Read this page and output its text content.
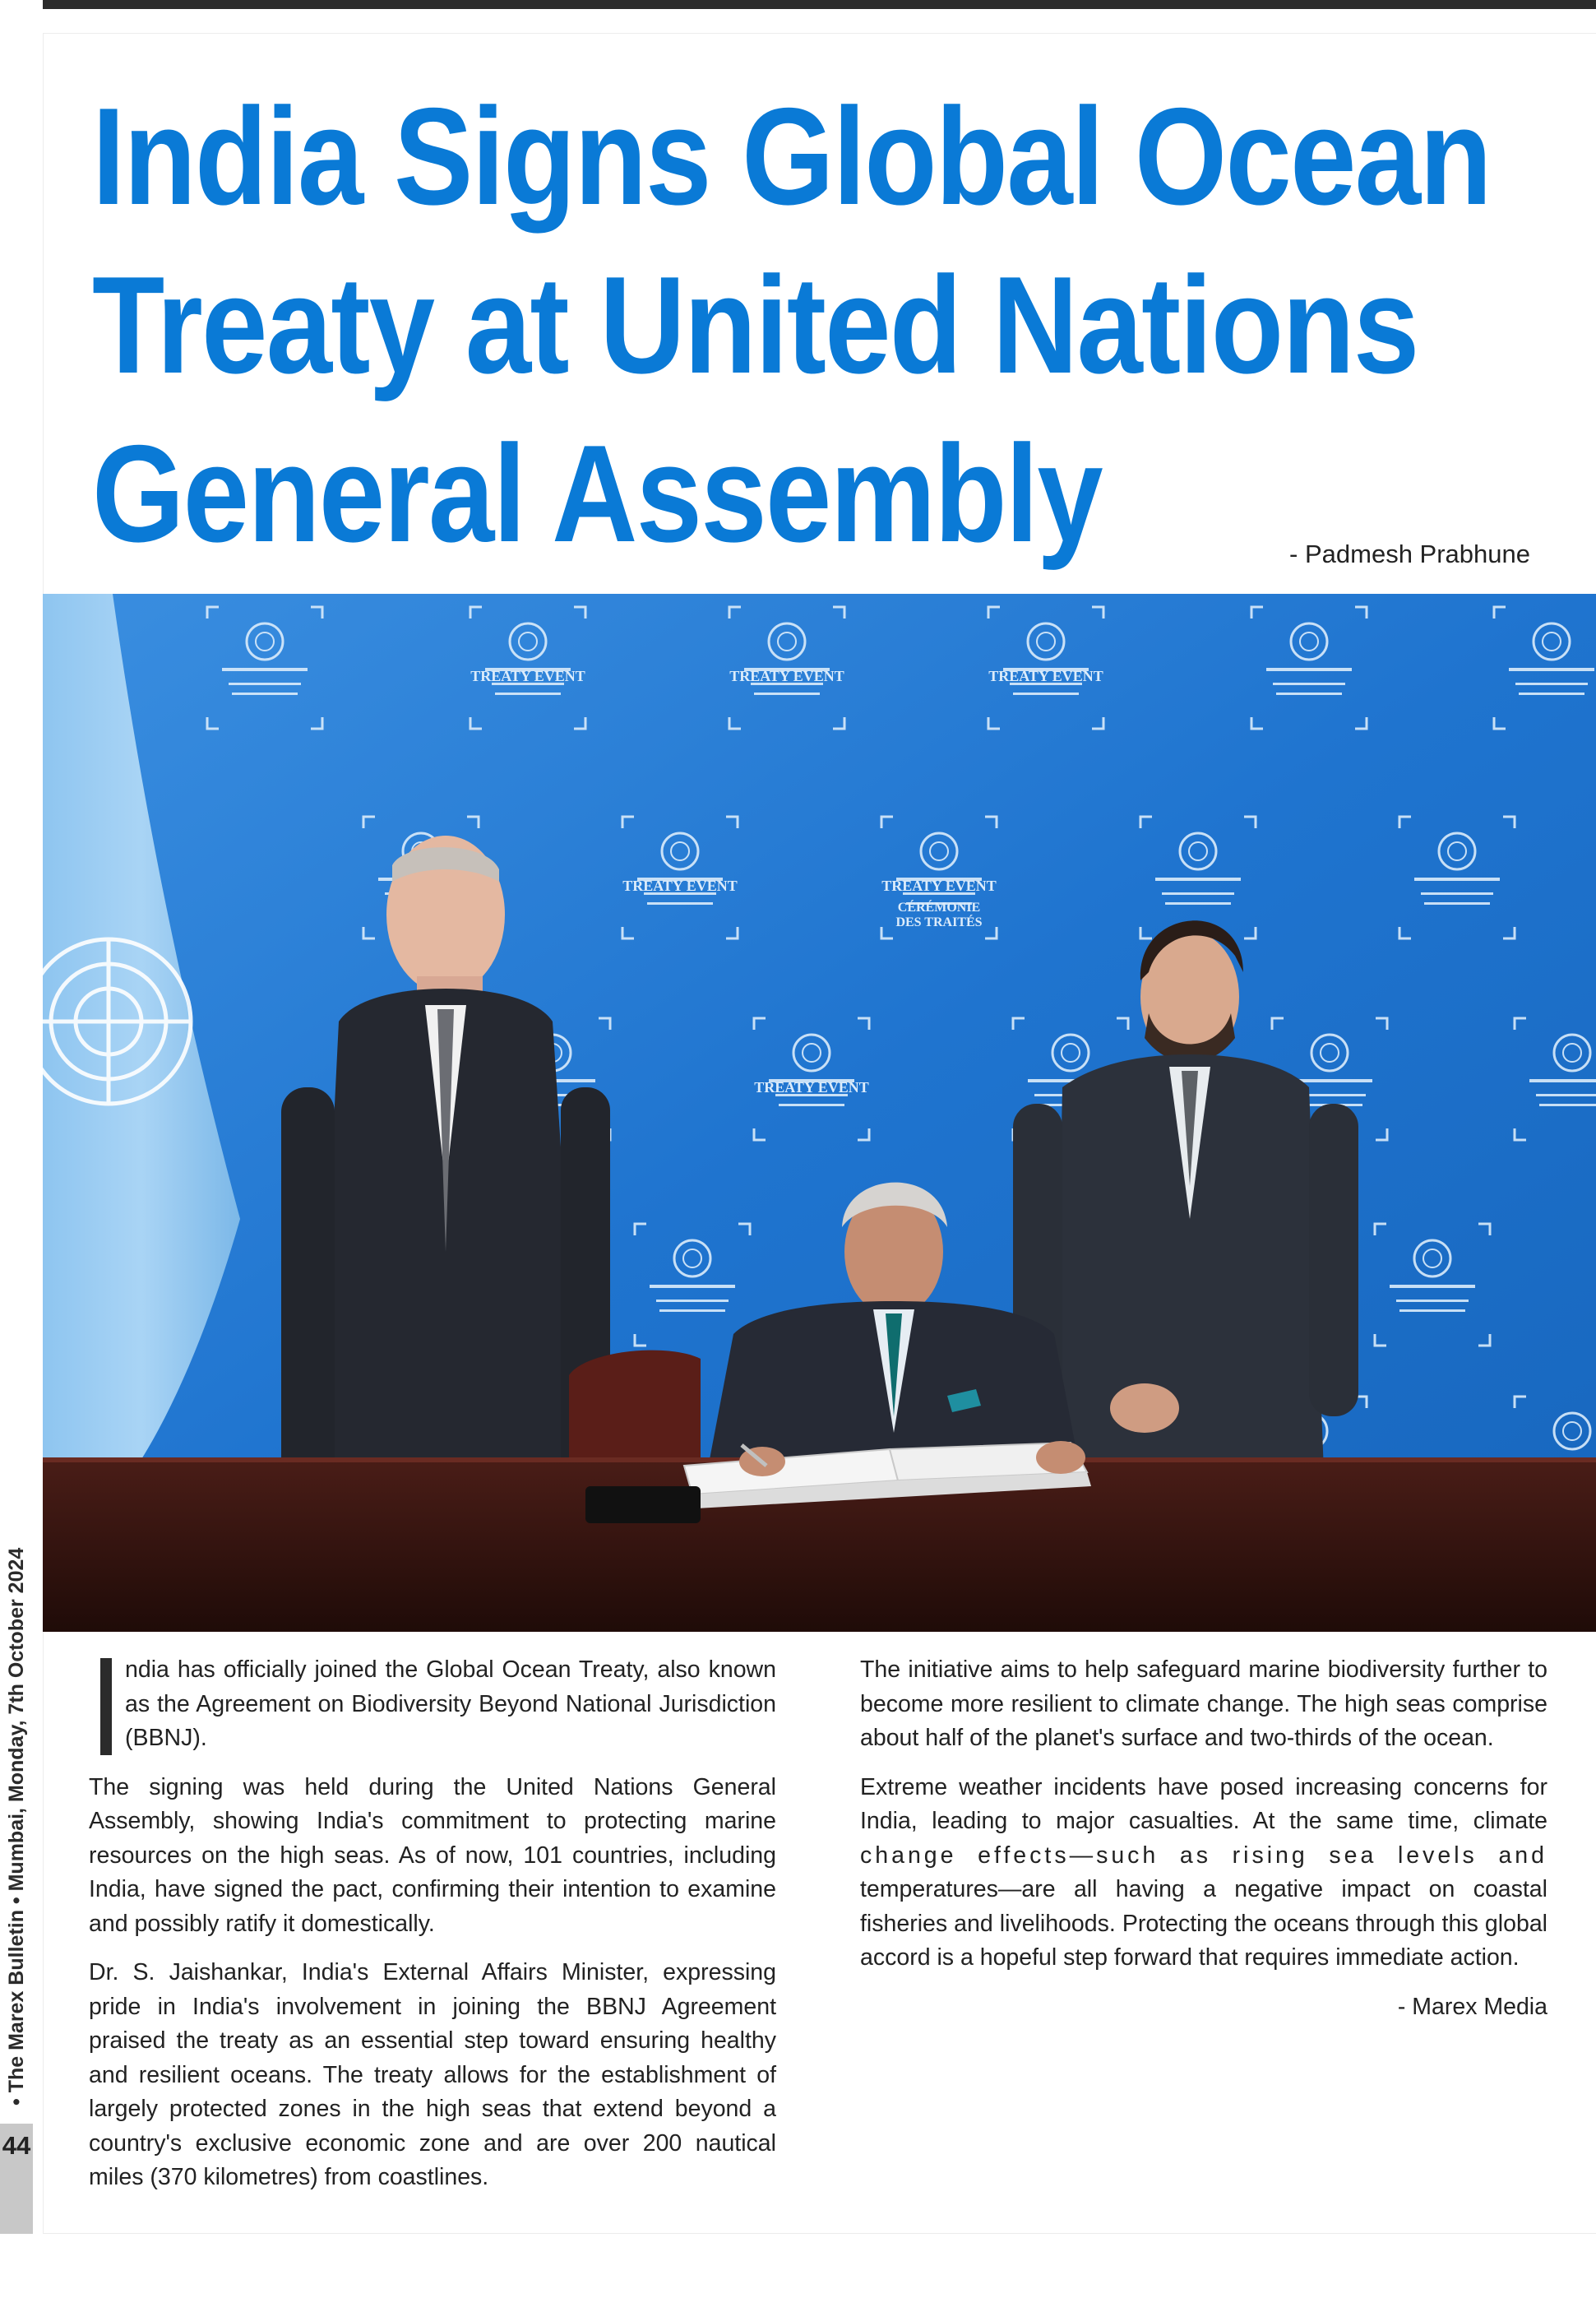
India Signs Global Ocean
Treaty at United Nations
General Assembly	- Padmesh Prabhune
TREATY EVENT	TREATY EVENT	TREATY EVENT
TREATY EVENT	TREATY EVENT
TREATY EVENT
CÉRÉMONIE
DES TRAITÉS

ndia has officially joined the Global Ocean Treaty, also known as the Agreement on Biodiversity Beyond National Jurisdiction (BBNJ).

The signing was held during the United Nations General Assembly, showing India's commitment to protecting marine resources on the high seas. As of now, 101 countries, including India, have signed the pact, confirming their intention to examine and possibly ratify it domestically.

Dr. S. Jaishankar, India's External Affairs Minister, expressing pride in India's involvement in joining the BBNJ Agreement praised the treaty as an essential step toward ensuring healthy and resilient oceans. The treaty allows for the establishment of largely protected zones in the high seas that extend beyond a country's exclusive economic zone and are over 200 nautical miles (370 kilometres) from coastlines.

The initiative aims to help safeguard marine biodiversity further to become more resilient to climate change. The high seas comprise about half of the planet's surface and two-thirds of the ocean.

Extreme weather incidents have posed increasing concerns for India, leading to major casualties. At the same time, climate change effects—such as rising sea levels and temperatures—are all having a negative impact on coastal fisheries and livelihoods. Protecting the oceans through this global accord is a hopeful step forward that requires immediate action.

- Marex Media

44
• The Marex Bulletin • Mumbai, Monday, 7th October 2024
